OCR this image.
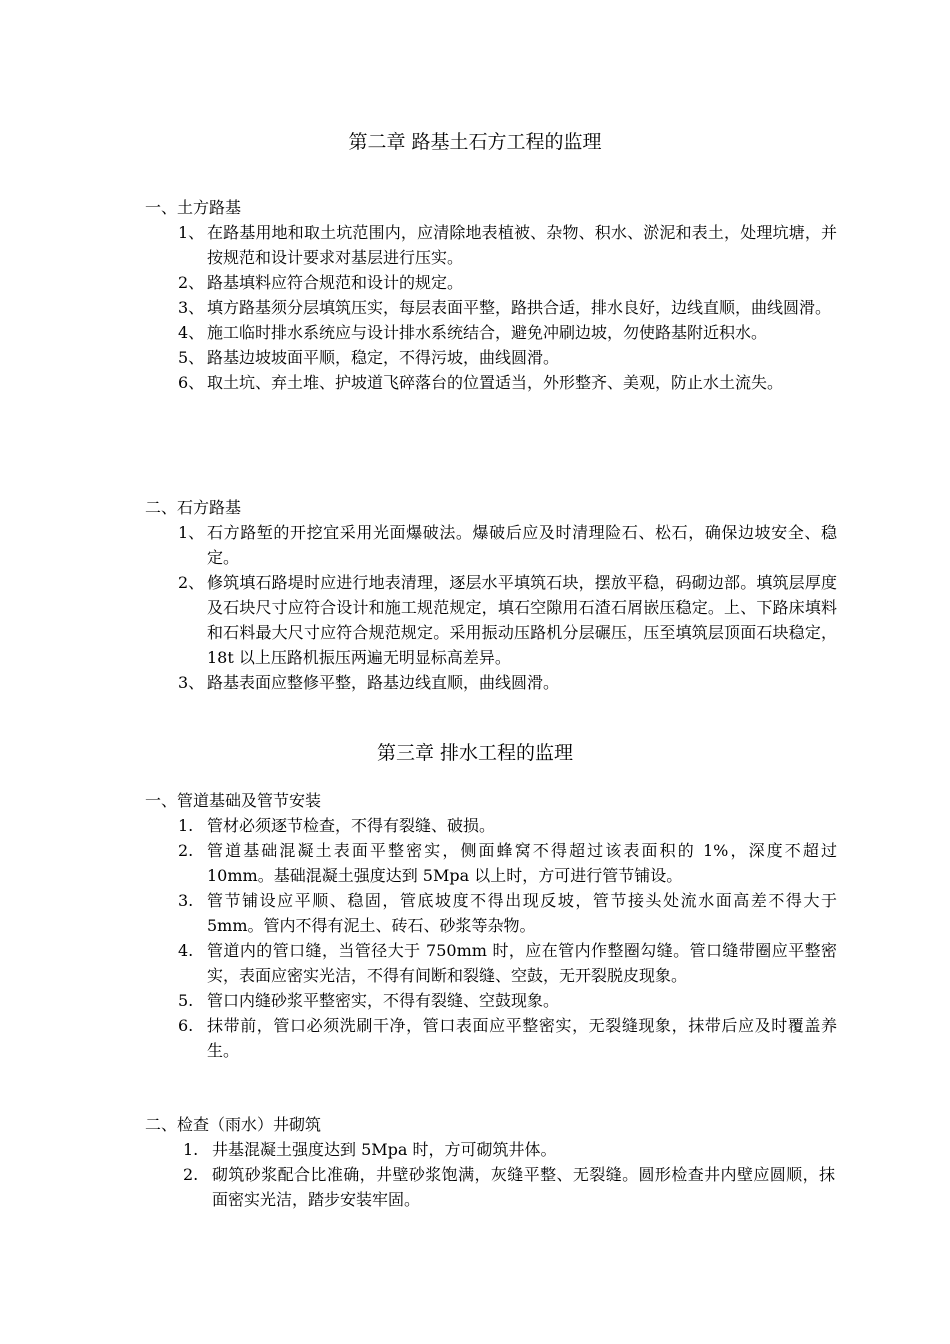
第二章 路基土石方工程的监理
一、土方路基
1、 在路基用地和取土坑范围内，应清除地表植被、杂物、积水、淤泥和表土，处理坑塘，并按规范和设计要求对基层进行压实。
2、 路基填料应符合规范和设计的规定。
3、 填方路基须分层填筑压实，每层表面平整，路拱合适，排水良好，边线直顺，曲线圆滑。
4、 施工临时排水系统应与设计排水系统结合，避免冲刷边坡，勿使路基附近积水。
5、 路基边坡坡面平顺，稳定，不得污坡，曲线圆滑。
6、 取土坑、弃土堆、护坡道飞碎落台的位置适当，外形整齐、美观，防止水土流失。
二、石方路基
1、 石方路堑的开挖宜采用光面爆破法。爆破后应及时清理险石、松石，确保边坡安全、稳定。
2、 修筑填石路堤时应进行地表清理，逐层水平填筑石块，摆放平稳，码砌边部。填筑层厚度及石块尺寸应符合设计和施工规范规定，填石空隙用石渣石屑嵌压稳定。上、下路床填料和石料最大尺寸应符合规范规定。采用振动压路机分层碾压，压至填筑层顶面石块稳定，18t 以上压路机振压两遍无明显标高差异。
3、 路基表面应整修平整，路基边线直顺，曲线圆滑。
第三章 排水工程的监理
一、管道基础及管节安装
1. 管材必须逐节检查，不得有裂缝、破损。
2. 管道基础混凝土表面平整密实，侧面蜂窝不得超过该表面积的 1%，深度不超过 10mm。基础混凝土强度达到 5Mpa 以上时，方可进行管节铺设。
3. 管节铺设应平顺、稳固，管底坡度不得出现反坡，管节接头处流水面高差不得大于 5mm。管内不得有泥土、砖石、砂浆等杂物。
4. 管道内的管口缝，当管径大于 750mm 时，应在管内作整圈勾缝。管口缝带圈应平整密实，表面应密实光洁，不得有间断和裂缝、空鼓，无开裂脱皮现象。
5. 管口内缝砂浆平整密实，不得有裂缝、空鼓现象。
6. 抹带前，管口必须洗刷干净，管口表面应平整密实，无裂缝现象，抹带后应及时覆盖养生。
二、检查（雨水）井砌筑
1. 井基混凝土强度达到 5Mpa 时，方可砌筑井体。
2. 砌筑砂浆配合比准确，井壁砂浆饱满，灰缝平整、无裂缝。圆形检查井内壁应圆顺，抹面密实光洁，踏步安装牢固。
